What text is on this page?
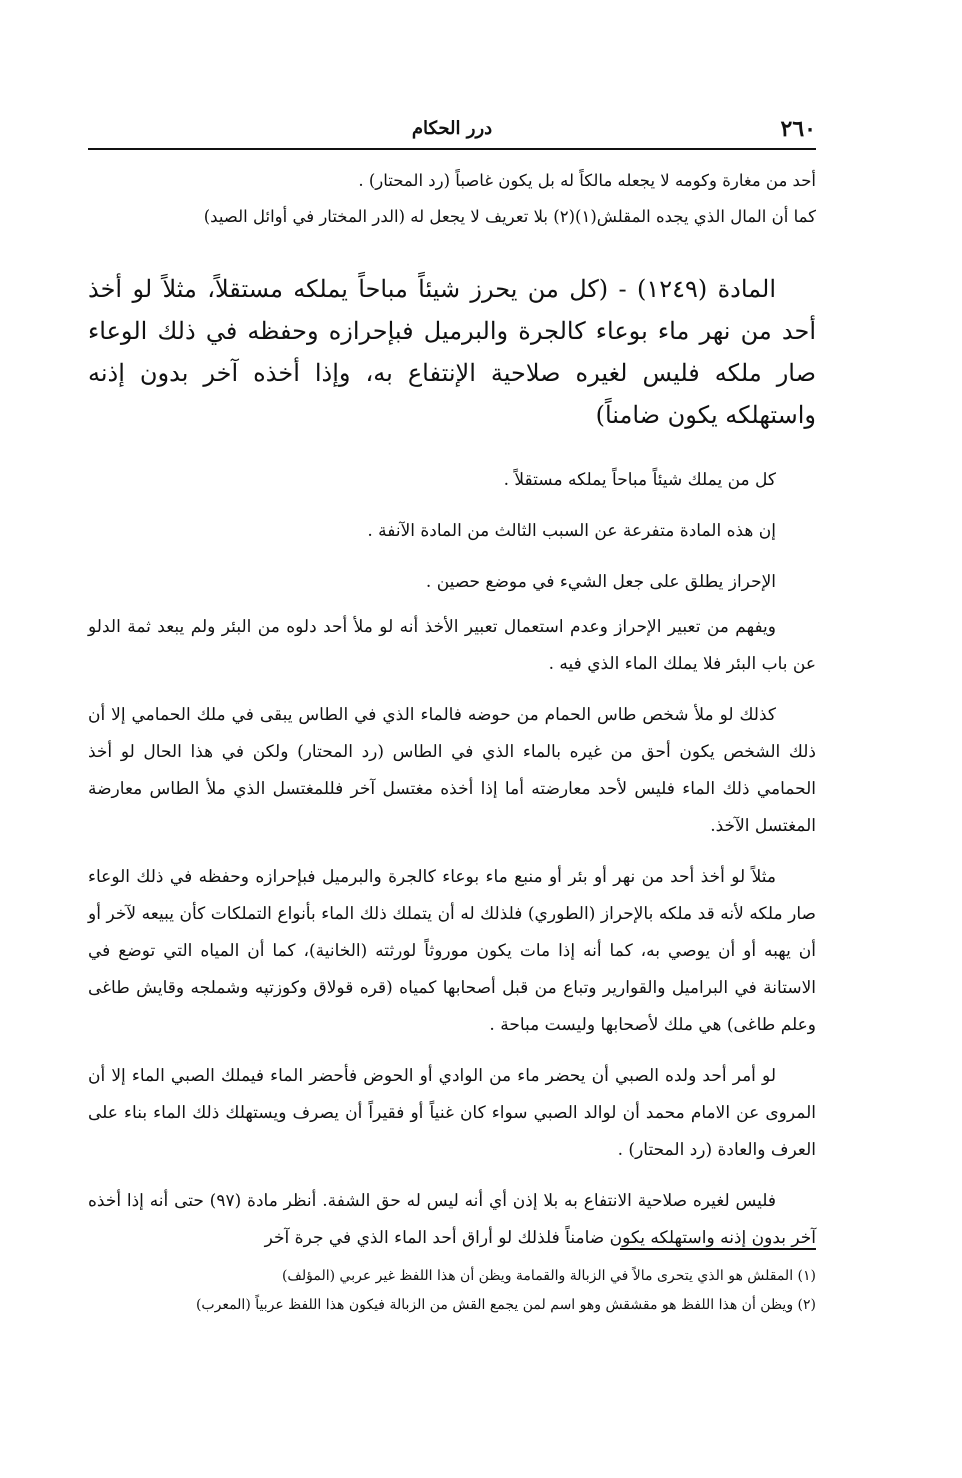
٢٦٠
درر الحكام

أحد من مغارة وكومه لا يجعله مالكاً له بل يكون غاصباً (رد المحتار) .

كما أن المال الذي يجده المقلش(١)(٢) بلا تعريف لا يجعل له (الدر المختار في أوائل الصيد)

المادة (١٢٤٩) - (كل من يحرز شيئاً مباحاً يملكه مستقلاً، مثلاً لو أخذ أحد من نهر ماء بوعاء كالجرة والبرميل فبإحرازه وحفظه في ذلك الوعاء صار ملكه فليس لغيره صلاحية الإنتفاع به، وإذا أخذه آخر بدون إذنه واستهلكه يكون ضامناً)

كل من يملك شيئاً مباحاً يملكه مستقلاً .

إن هذه المادة متفرعة عن السبب الثالث من المادة الآنفة .

الإحراز يطلق على جعل الشيء في موضع حصين .

ويفهم من تعبير الإحراز وعدم استعمال تعبير الأخذ أنه لو ملأ أحد دلوه من البئر ولم يبعد ثمة الدلو عن باب البئر فلا يملك الماء الذي فيه .

كذلك لو ملأ شخص طاس الحمام من حوضه فالماء الذي في الطاس يبقى في ملك الحمامي إلا أن ذلك الشخص يكون أحق من غيره بالماء الذي في الطاس (رد المحتار) ولكن في هذا الحال لو أخذ الحمامي ذلك الماء فليس لأحد معارضته أما إذا أخذه مغتسل آخر فللمغتسل الذي ملأ الطاس معارضة المغتسل الآخذ.

مثلاً لو أخذ أحد من نهر أو بئر أو منبع ماء بوعاء كالجرة والبرميل فبإحرازه وحفظه في ذلك الوعاء صار ملكه لأنه قد ملكه بالإحراز (الطوري) فلذلك له أن يتملك ذلك الماء بأنواع التملكات كأن يبيعه لآخر أو أن يهبه أو أن يوصي به، كما أنه إذا مات يكون موروثاً لورثته (الخانية)، كما أن المياه التي توضع في الاستانة في البراميل والقوارير وتباع من قبل أصحابها كمياه (قره قولاق وكوزتپه وشملجه وقايش طاغى وعلم طاغى) هي ملك لأصحابها وليست مباحة .

لو أمر أحد ولده الصبي أن يحضر ماء من الوادي أو الحوض فأحضر الماء فيملك الصبي الماء إلا أن المروى عن الامام محمد أن لوالد الصبي سواء كان غنياً أو فقيراً أن يصرف ويستهلك ذلك الماء بناء على العرف والعادة (رد المحتار) .

فليس لغيره صلاحية الانتفاع به بلا إذن أي أنه ليس له حق الشفة. أنظر مادة (٩٧) حتى أنه إذا أخذه آخر بدون إذنه واستهلكه يكون ضامناً فلذلك لو أراق أحد الماء الذي في جرة آخر

(١) المقلش هو الذي يتحرى مالاً في الزبالة والقمامة ويظن أن هذا اللفظ غير عربي (المؤلف)

(٢) ويظن أن هذا اللفظ هو مقشقش وهو اسم لمن يجمع القش من الزبالة فيكون هذا اللفظ عربياً (المعرب)
